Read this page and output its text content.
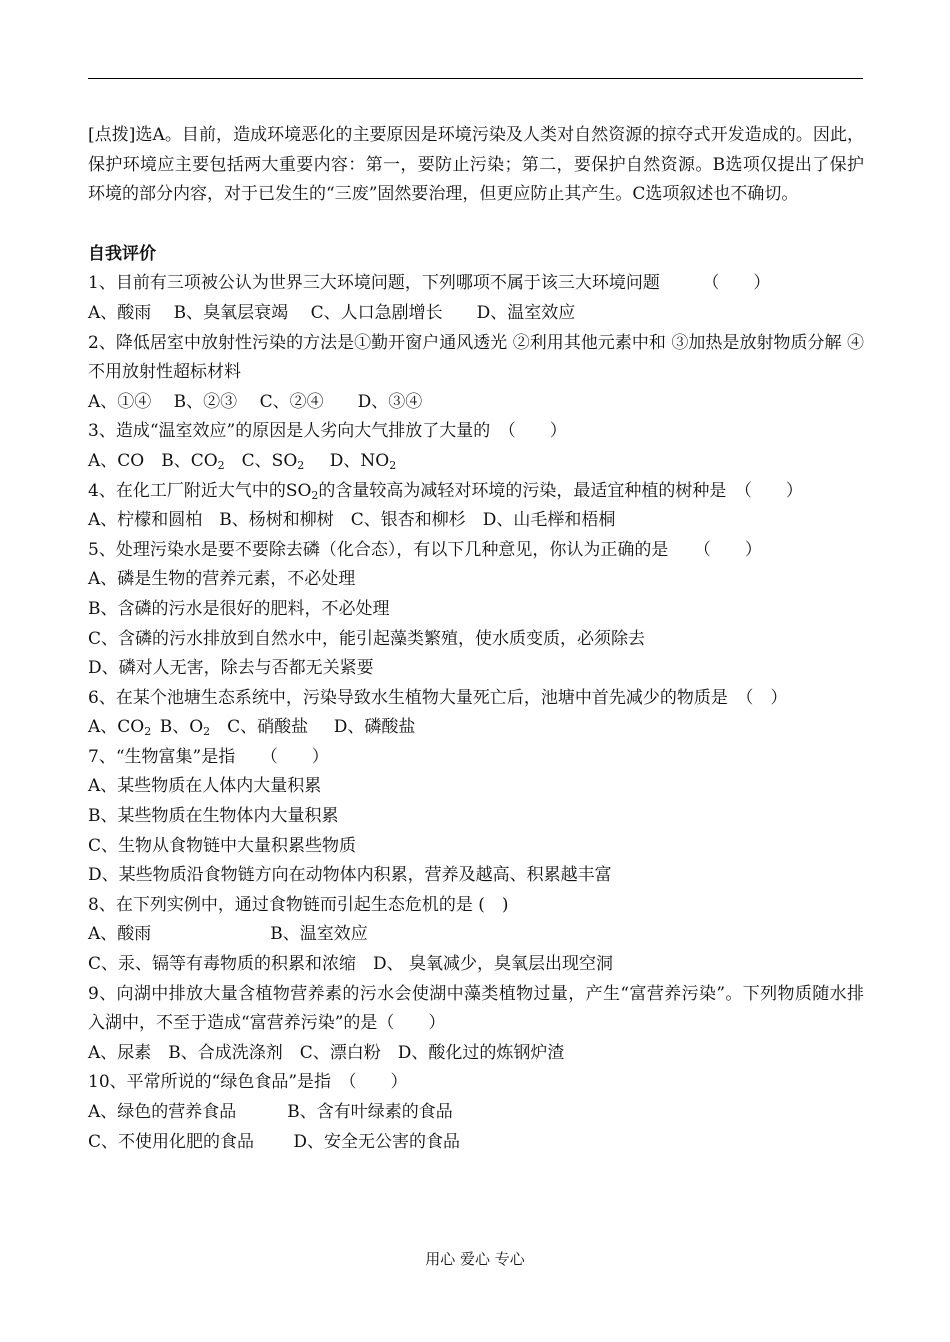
[点拨]选A。目前，造成环境恶化的主要原因是环境污染及人类对自然资源的掠夺式开发造成的。因此，保护环境应主要包括两大重要内容：第一，要防止污染；第二，要保护自然资源。B选项仅提出了保护环境的部分内容，对于已发生的“三废”固然要治理，但更应防止其产生。C选项叙述也不确切。

自我评价

1、目前有三项被公认为世界三大环境问题，下列哪项不属于该三大环境问题　　　（　　）

A、酸雨　 B、臭氧层衰竭　 C、人口急剧增长　　D、温室效应

2、降低居室中放射性污染的方法是①勤开窗户通风透光 ②利用其他元素中和 ③加热是放射物质分解 ④不用放射性超标材料

A、①④　 B、②③　 C、②④　　D、③④

3、造成“温室效应”的原因是人劣向大气排放了大量的　（　　）

A、CO  B、$CO_2$  C、$SO_2$   D、$NO_2$

4、在化工厂附近大气中的$SO_2$的含量较高为减轻对环境的污染，最适宜种植的树种是　（　　）

A、柠檬和圆柏　B、杨树和柳树　C、银杏和柳杉　D、山毛榉和梧桐

5、处理污染水是要不要除去磷（化合态），有以下几种意见，你认为正确的是　　（　　）

A、磷是生物的营养元素，不必处理

B、含磷的污水是很好的肥料，不必处理

C、含磷的污水排放到自然水中，能引起藻类繁殖，使水质变质，必须除去

D、磷对人无害，除去与否都无关紧要

6、在某个池塘生态系统中，污染导致水生植物大量死亡后，池塘中首先减少的物质是　（　）

A、$CO_2$  B、$O_2$  C、硝酸盐   D、磷酸盐

7、“生物富集”是指　　（　　）

A、某些物质在人体内大量积累

B、某些物质在生物体内大量积累

C、生物从食物链中大量积累些物质

D、某些物质沿食物链方向在动物体内积累，营养及越高、积累越丰富

8、在下列实例中，通过食物链而引起生态危机的是 (　)

A、酸雨　　　　　　　B、温室效应

C、汞、镉等有毒物质的积累和浓缩　D、 臭氧减少，臭氧层出现空洞

9、向湖中排放大量含植物营养素的污水会使湖中藻类植物过量，产生“富营养污染”。下列物质随水排入湖中，不至于造成“富营养污染”的是（　　）

A、尿素　B、合成洗涤剂　C、漂白粉　D、酸化过的炼钢炉渣

10、平常所说的“绿色食品”是指　（　　）

A、绿色的营养食品　　　B、含有叶绿素的食品

C、不使用化肥的食品　　 D、安全无公害的食品

用心 爱心 专心
